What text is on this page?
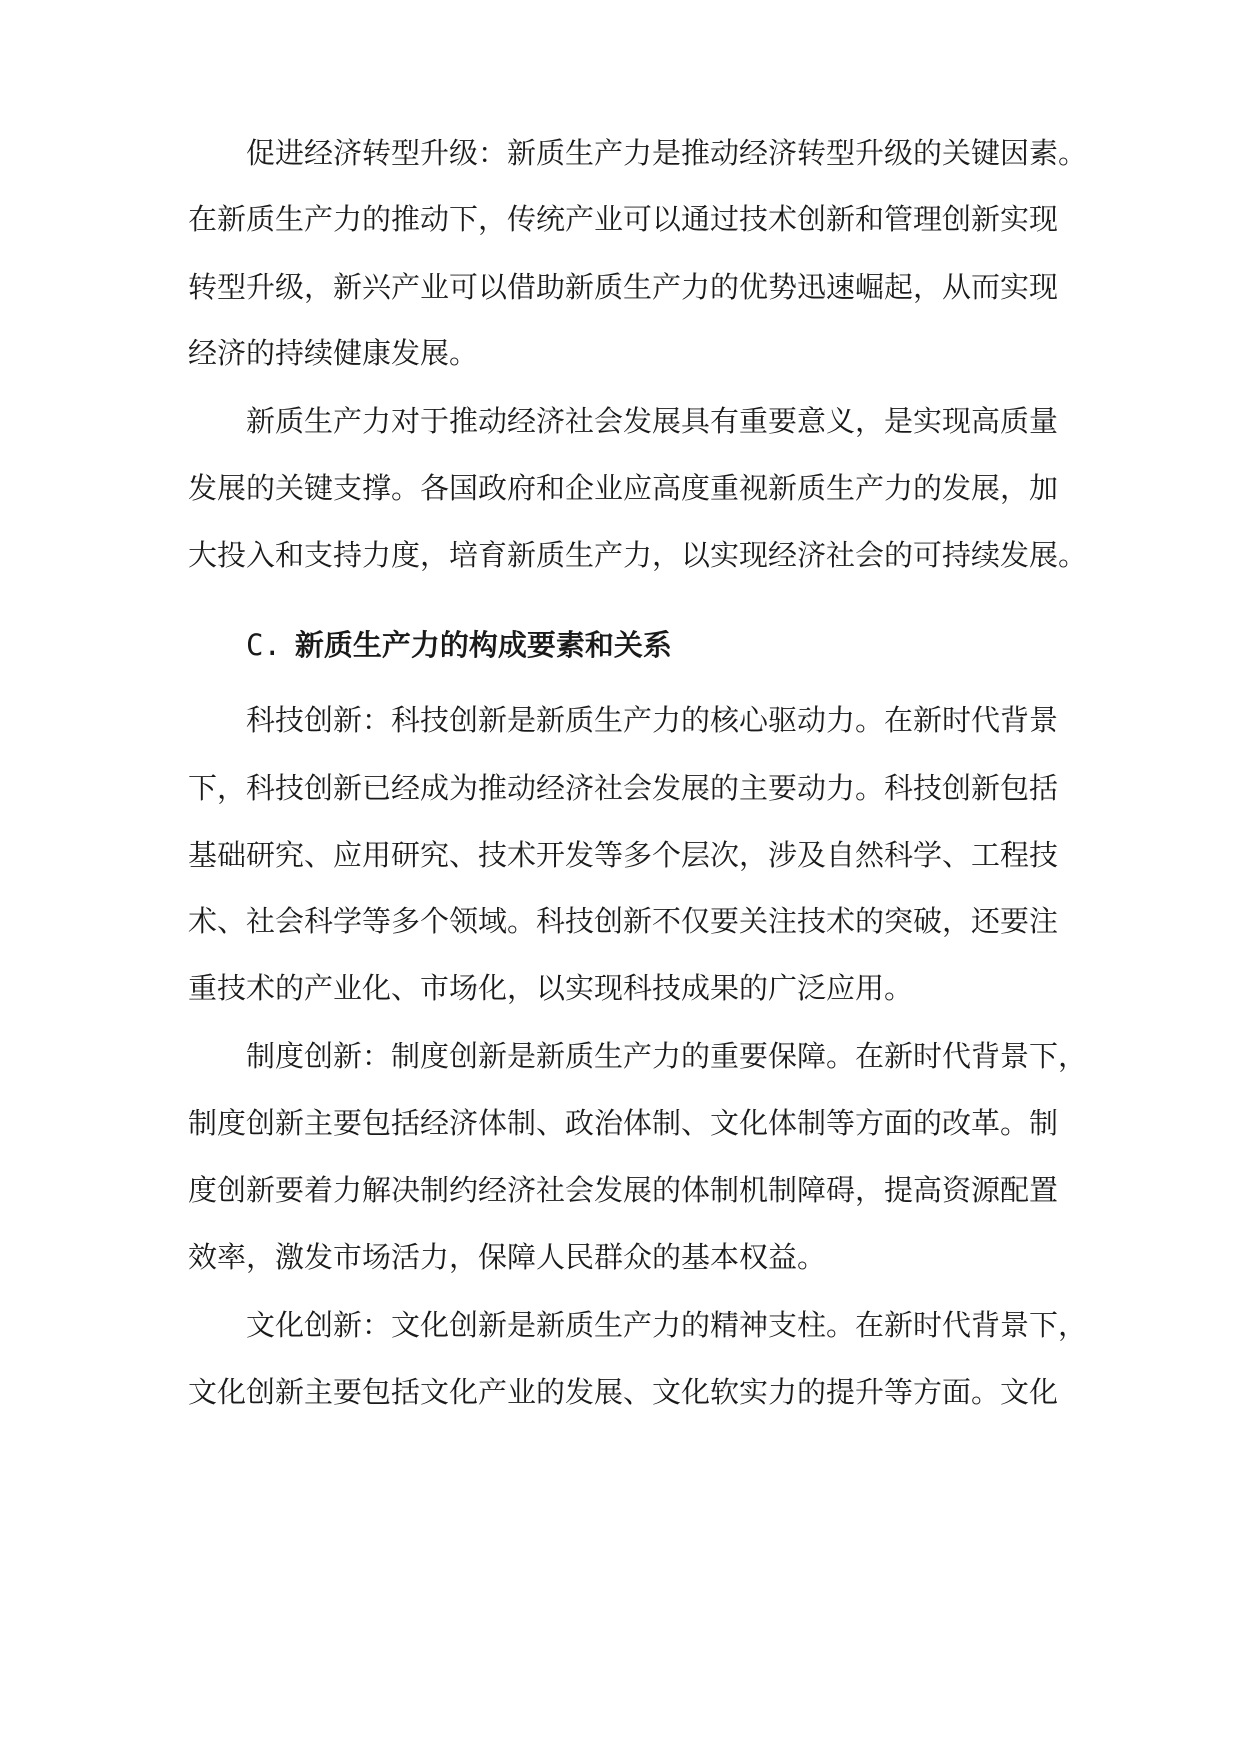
促进经济转型升级：新质生产力是推动经济转型升级的关键因素。
在新质生产力的推动下，传统产业可以通过技术创新和管理创新实现
转型升级，新兴产业可以借助新质生产力的优势迅速崛起，从而实现
经济的持续健康发展。
新质生产力对于推动经济社会发展具有重要意义，是实现高质量
发展的关键支撑。各国政府和企业应高度重视新质生产力的发展，加
大投入和支持力度，培育新质生产力，以实现经济社会的可持续发展。
C. 新质生产力的构成要素和关系
科技创新：科技创新是新质生产力的核心驱动力。在新时代背景
下，科技创新已经成为推动经济社会发展的主要动力。科技创新包括
基础研究、应用研究、技术开发等多个层次，涉及自然科学、工程技
术、社会科学等多个领域。科技创新不仅要关注技术的突破，还要注
重技术的产业化、市场化，以实现科技成果的广泛应用。
制度创新：制度创新是新质生产力的重要保障。在新时代背景下，
制度创新主要包括经济体制、政治体制、文化体制等方面的改革。制
度创新要着力解决制约经济社会发展的体制机制障碍，提高资源配置
效率，激发市场活力，保障人民群众的基本权益。
文化创新：文化创新是新质生产力的精神支柱。在新时代背景下，
文化创新主要包括文化产业的发展、文化软实力的提升等方面。文化
